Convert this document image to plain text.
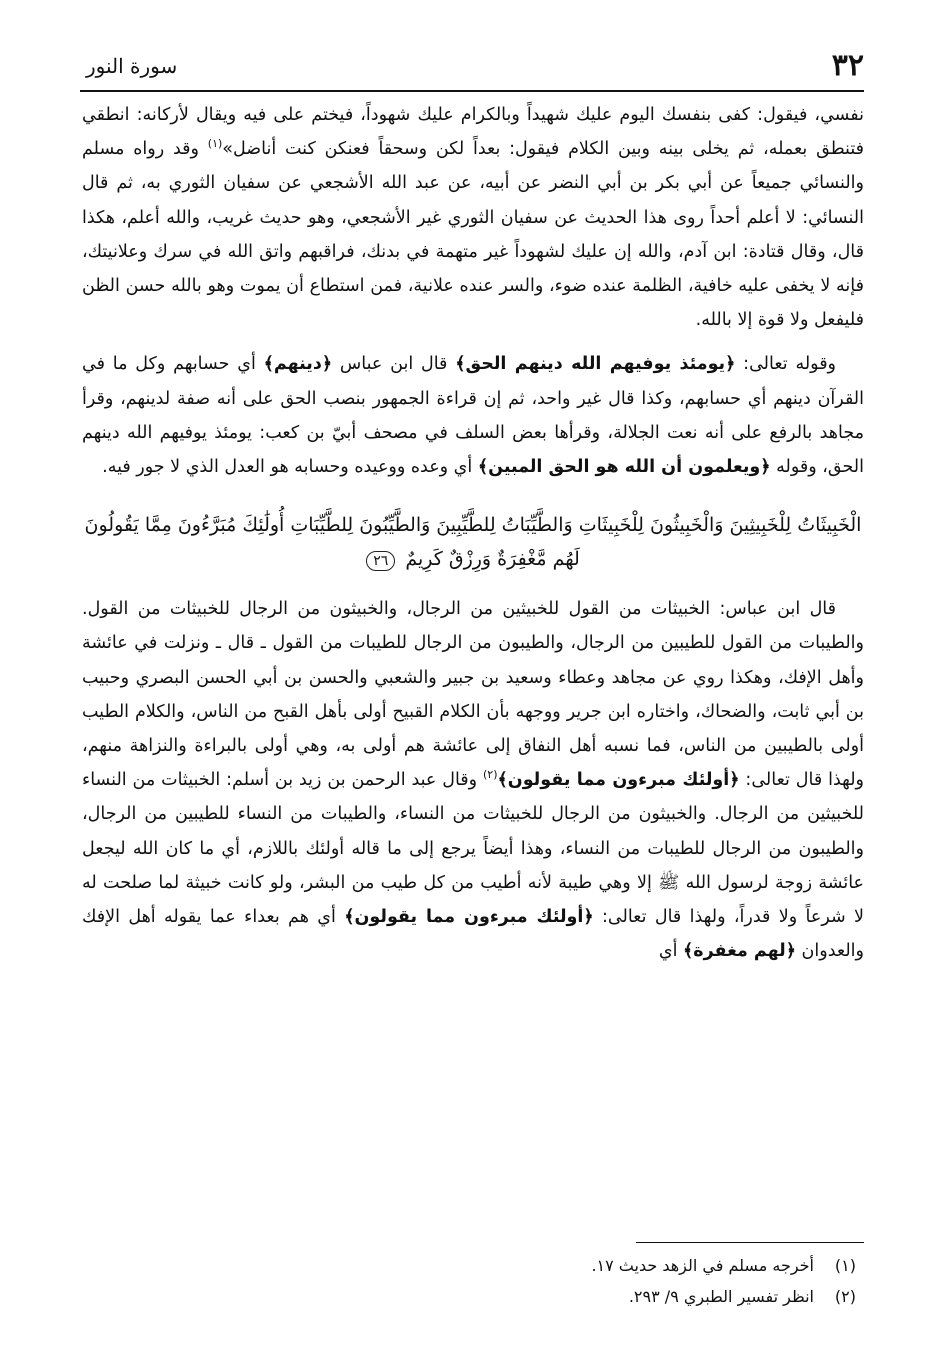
٣٢
سورة النور

نفسي، فيقول: كفى بنفسك اليوم عليك شهيداً وبالكرام عليك شهوداً، فيختم على فيه ويقال لأركانه: انطقي فتنطق بعمله، ثم يخلى بينه وبين الكلام فيقول: بعداً لكن وسحقاً فعنكن كنت أناضل»$^{(١)}$ وقد رواه مسلم والنسائي جميعاً عن أبي بكر بن أبي النضر عن أبيه، عن عبد الله الأشجعي عن سفيان الثوري به، ثم قال النسائي: لا أعلم أحداً روى هذا الحديث عن سفيان الثوري غير الأشجعي، وهو حديث غريب، والله أعلم، هكذا قال، وقال قتادة: ابن آدم، والله إن عليك لشهوداً غير متهمة في بدنك، فراقبهم واتق الله في سرك وعلانيتك، فإنه لا يخفى عليه خافية، الظلمة عنده ضوء، والسر عنده علانية، فمن استطاع أن يموت وهو بالله حسن الظن فليفعل ولا قوة إلا بالله.

وقوله تعالى: ﴿يومئذ يوفيهم الله دينهم الحق﴾ قال ابن عباس ﴿دينهم﴾ أي حسابهم وكل ما في القرآن دينهم أي حسابهم، وكذا قال غير واحد، ثم إن قراءة الجمهور بنصب الحق على أنه صفة لدينهم، وقرأ مجاهد بالرفع على أنه نعت الجلالة، وقرأها بعض السلف في مصحف أبيّ بن كعب: يومئذ يوفيهم الله دينهم الحق، وقوله ﴿ويعلمون أن الله هو الحق المبين﴾ أي وعده ووعيده وحسابه هو العدل الذي لا جور فيه.

الْخَبِيثَاتُ لِلْخَبِيثِينَ وَالْخَبِيثُونَ لِلْخَبِيثَاتِ وَالطَّيِّبَاتُ لِلطَّيِّبِينَ وَالطَّيِّبُونَ لِلطَّيِّبَاتِ أُولَٰئِكَ مُبَرَّءُونَ مِمَّا يَقُولُونَ لَهُم مَّغْفِرَةٌ وَرِزْقٌ كَرِيمٌ ٢٦

قال ابن عباس: الخبيثات من القول للخبيثين من الرجال، والخبيثون من الرجال للخبيثات من القول. والطيبات من القول للطيبين من الرجال، والطيبون من الرجال للطيبات من القول ـ قال ـ ونزلت في عائشة وأهل الإفك، وهكذا روي عن مجاهد وعطاء وسعيد بن جبير والشعبي والحسن بن أبي الحسن البصري وحبيب بن أبي ثابت، والضحاك، واختاره ابن جرير ووجهه بأن الكلام القبيح أولى بأهل القبح من الناس، والكلام الطيب أولى بالطيبين من الناس، فما نسبه أهل النفاق إلى عائشة هم أولى به، وهي أولى بالبراءة والنزاهة منهم، ولهذا قال تعالى: ﴿أولئك مبرءون مما يقولون﴾$^{(٢)}$ وقال عبد الرحمن بن زيد بن أسلم: الخبيثات من النساء للخبيثين من الرجال. والخبيثون من الرجال للخبيثات من النساء، والطيبات من النساء للطيبين من الرجال، والطيبون من الرجال للطيبات من النساء، وهذا أيضاً يرجع إلى ما قاله أولئك باللازم، أي ما كان الله ليجعل عائشة زوجة لرسول الله ﷺ إلا وهي طيبة لأنه أطيب من كل طيب من البشر، ولو كانت خبيثة لما صلحت له لا شرعاً ولا قدراً، ولهذا قال تعالى: ﴿أولئك مبرءون مما يقولون﴾ أي هم بعداء عما يقوله أهل الإفك والعدوان ﴿لهم مغفرة﴾ أي

(١)
أخرجه مسلم في الزهد حديث ١٧.
(٢)
انظر تفسير الطبري ٩/ ٢٩٣.
